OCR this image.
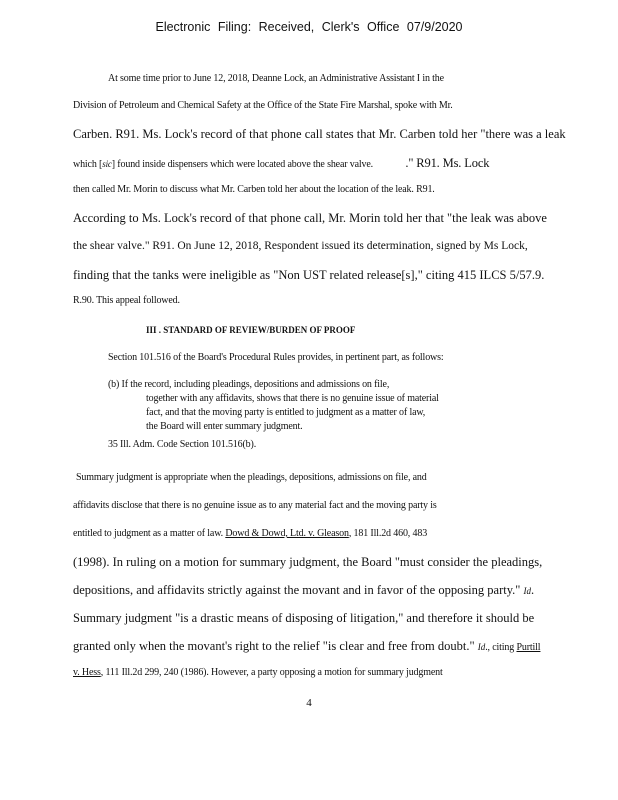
Electronic Filing: Received, Clerk's Office 07/9/2020
At some time prior to June 12, 2018, Deanne Lock, an Administrative Assistant I in the
Division of Petroleum and Chemical Safety at the Office of the State Fire Marshal, spoke with Mr.
Carben. R91. Ms. Lock's record of that phone call states that Mr. Carben told her "there was a leak
which [sic] found inside dispensers which were located above the shear valve.	." R91. Ms. Lock
then called Mr. Morin to discuss what Mr. Carben told her about the location of the leak. R91.
According to Ms. Lock's record of that phone call, Mr. Morin told her that "the leak was above
the shear valve." R91. On June 12, 2018, Respondent issued its determination, signed by Ms Lock,
finding that the tanks were ineligible as "Non UST related release[s]," citing 415 ILCS 5/57.9.
R.90. This appeal followed.
III . STANDARD OF REVIEW/BURDEN OF PROOF
Section 101.516 of the Board's Procedural Rules provides, in pertinent part, as follows:
(b) If the record, including pleadings, depositions and admissions on file,
together with any affidavits, shows that there is no genuine issue of material
fact, and that the moving party is entitled to judgment as a matter of law,
the Board will enter summary judgment.
35 Ill. Adm. Code Section 101.516(b).
Summary judgment is appropriate when the pleadings, depositions, admissions on file, and
affidavits disclose that there is no genuine issue as to any material fact and the moving party is
entitled to judgment as a matter of law. Dowd & Dowd, Ltd. v. Gleason, 181 Ill.2d 460, 483
(1998). In ruling on a motion for summary judgment, the Board "must consider the pleadings,
depositions, and affidavits strictly against the movant and in favor of the opposing party." Id.
Summary judgment "is a drastic means of disposing of litigation," and therefore it should be
granted only when the movant's right to the relief "is clear and free from doubt." Id., citing Purtill
v. Hess, 111 Ill.2d 299, 240 (1986). However, a party opposing a motion for summary judgment
4
